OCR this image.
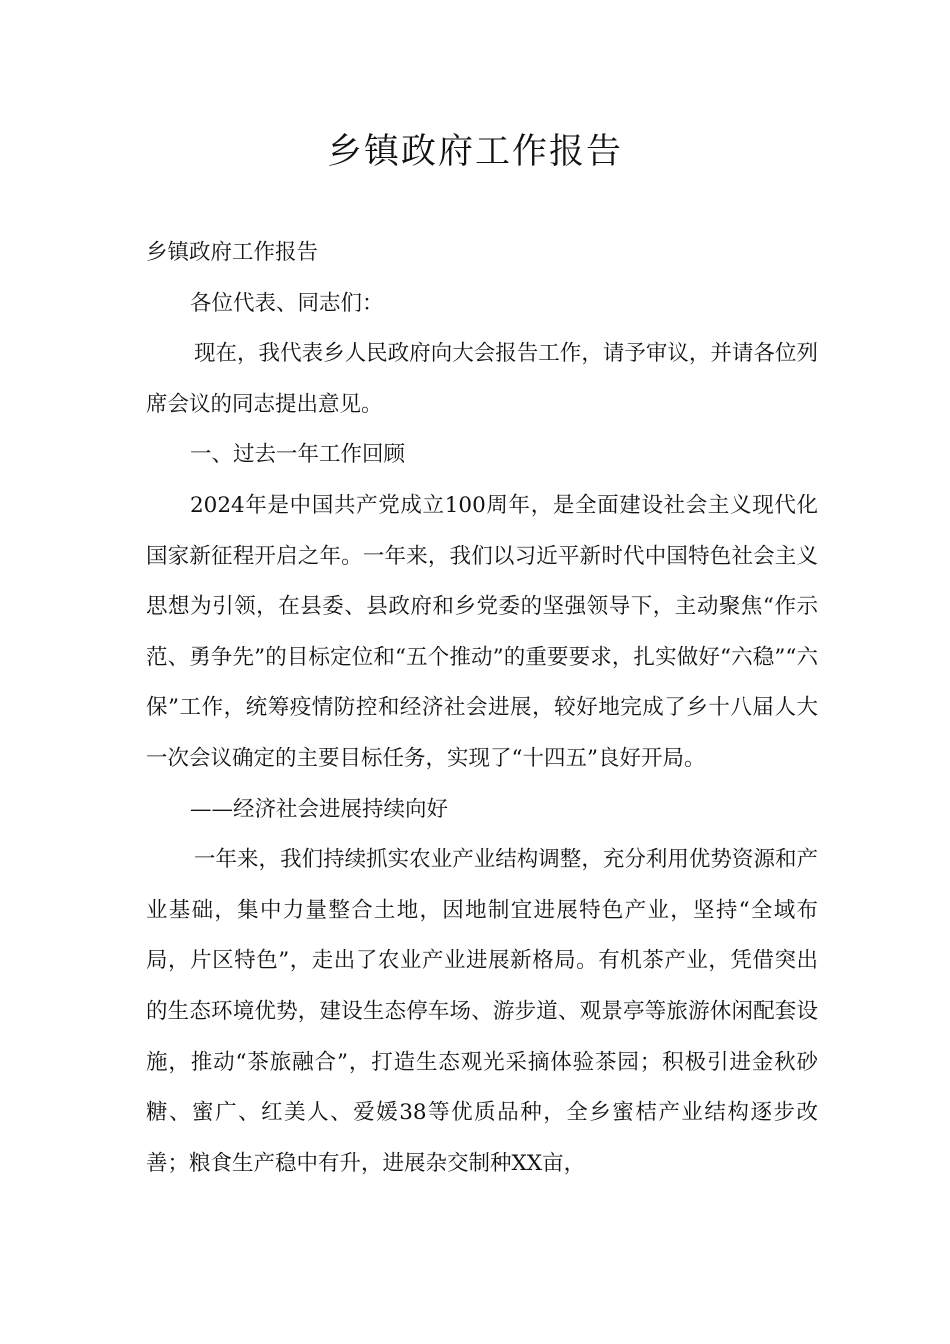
乡镇政府工作报告

乡镇政府工作报告

各位代表、同志们：

现在，我代表乡人民政府向大会报告工作，请予审议，并请各位列席会议的同志提出意见。

一、过去一年工作回顾

2024年是中国共产党成立100周年，是全面建设社会主义现代化国家新征程开启之年。一年来，我们以习近平新时代中国特色社会主义思想为引领，在县委、县政府和乡党委的坚强领导下，主动聚焦“作示范、勇争先”的目标定位和“五个推动”的重要要求，扎实做好“六稳”“六保”工作，统筹疫情防控和经济社会进展，较好地完成了乡十八届人大一次会议确定的主要目标任务，实现了“十四五”良好开局。

——经济社会进展持续向好

一年来，我们持续抓实农业产业结构调整，充分利用优势资源和产业基础，集中力量整合土地，因地制宜进展特色产业，坚持“全域布局，片区特色”，走出了农业产业进展新格局。有机茶产业，凭借突出的生态环境优势，建设生态停车场、游步道、观景亭等旅游休闲配套设施，推动“茶旅融合”，打造生态观光采摘体验茶园；积极引进金秋砂糖、蜜广、红美人、爱媛38等优质品种，全乡蜜桔产业结构逐步改善；粮食生产稳中有升，进展杂交制种XX亩，
